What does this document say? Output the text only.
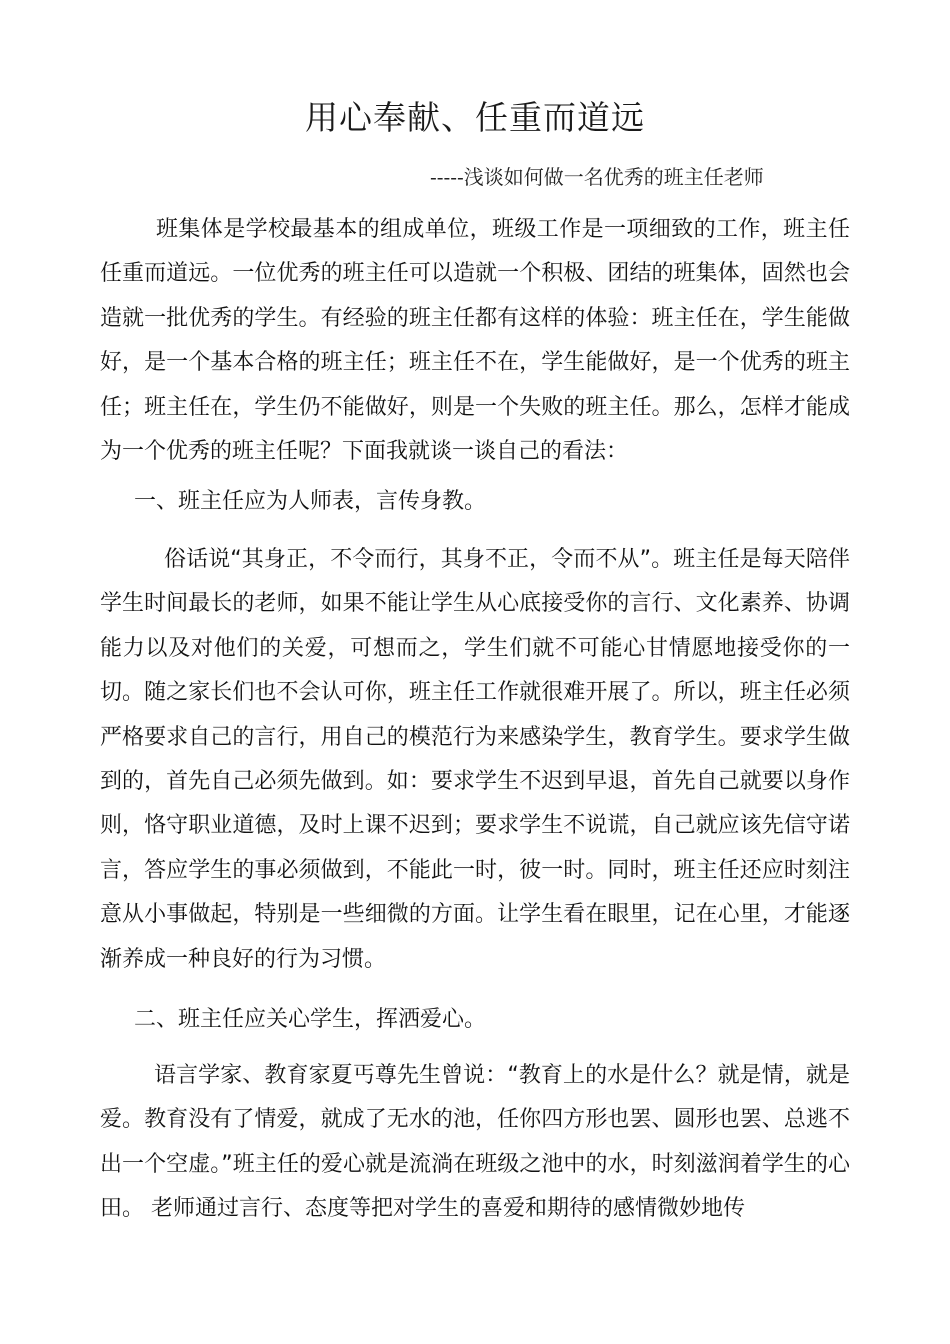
用心奉献、任重而道远
-----浅谈如何做一名优秀的班主任老师
班集体是学校最基本的组成单位，班级工作是一项细致的工作，班主任任重而道远。一位优秀的班主任可以造就一个积极、团结的班集体，固然也会造就一批优秀的学生。有经验的班主任都有这样的体验：班主任在，学生能做好，是一个基本合格的班主任；班主任不在，学生能做好，是一个优秀的班主任；班主任在，学生仍不能做好，则是一个失败的班主任。那么，怎样才能成为一个优秀的班主任呢？下面我就谈一谈自己的看法：
一、班主任应为人师表，言传身教。
俗话说“其身正，不令而行，其身不正，令而不从”。班主任是每天陪伴学生时间最长的老师，如果不能让学生从心底接受你的言行、文化素养、协调能力以及对他们的关爱，可想而之，学生们就不可能心甘情愿地接受你的一切。随之家长们也不会认可你，班主任工作就很难开展了。所以，班主任必须严格要求自己的言行，用自己的模范行为来感染学生，教育学生。要求学生做到的，首先自己必须先做到。如：要求学生不迟到早退，首先自己就要以身作则，恪守职业道德，及时上课不迟到；要求学生不说谎，自己就应该先信守诺言，答应学生的事必须做到，不能此一时，彼一时。同时，班主任还应时刻注意从小事做起，特别是一些细微的方面。让学生看在眼里，记在心里，才能逐渐养成一种良好的行为习惯。
二、班主任应关心学生，挥洒爱心。
语言学家、教育家夏丐尊先生曾说：“教育上的水是什么？就是情，就是爱。教育没有了情爱，就成了无水的池，任你四方形也罢、圆形也罢、总逃不出一个空虚。”班主任的爱心就是流淌在班级之池中的水，时刻滋润着学生的心田。 老师通过言行、态度等把对学生的喜爱和期待的感情微妙地传
